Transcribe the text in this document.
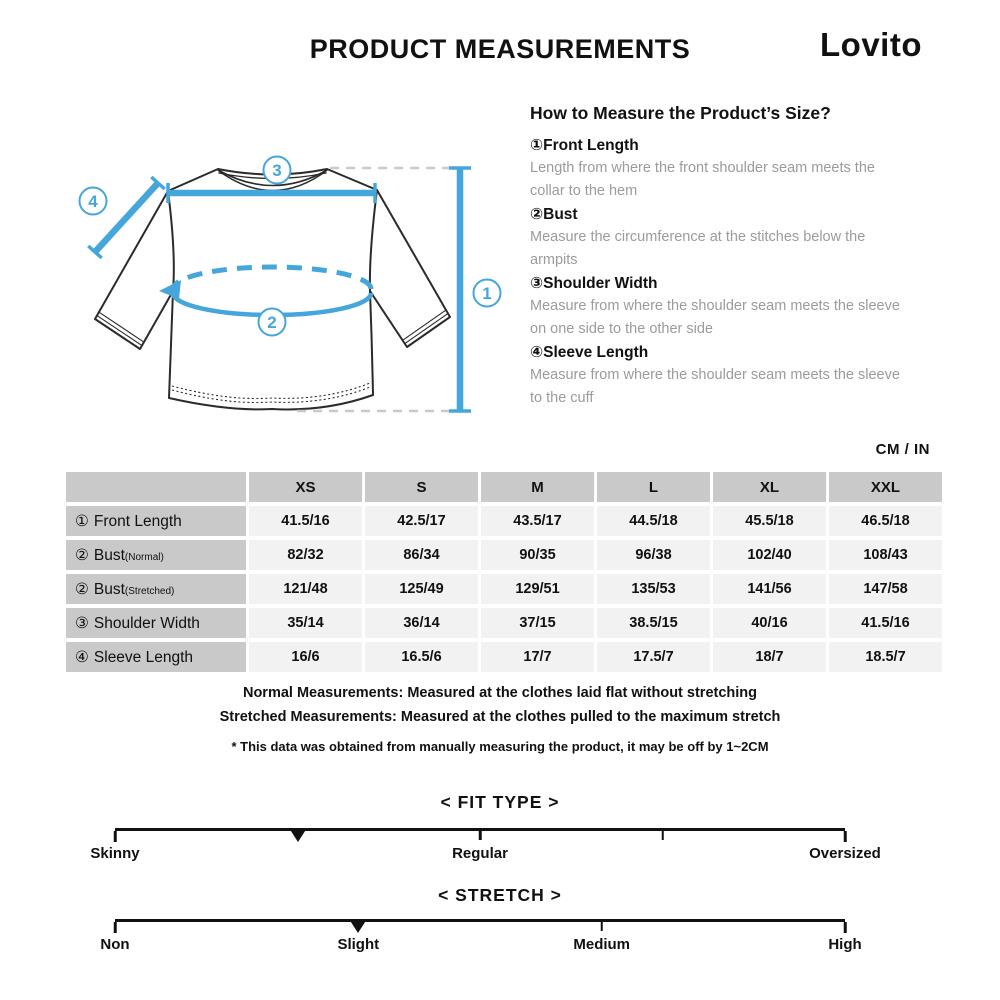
PRODUCT MEASUREMENTS	Lovito
1
2
3
4
How to Measure the Product’s Size?
①Front Length
Length from where the front shoulder seam meets the collar to the hem
②Bust
Measure the circumference at the stitches below the armpits
③Shoulder Width
Measure from where the shoulder seam meets the sleeve on one side to the other side
④Sleeve Length
Measure from where the shoulder seam meets the sleeve to the cuff
CM / IN
	XS	S	M	L	XL	XXL
① Front Length	41.5/16	42.5/17	43.5/17	44.5/18	45.5/18	46.5/18
② Bust(Normal)	82/32	86/34	90/35	96/38	102/40	108/43
② Bust(Stretched)	121/48	125/49	129/51	135/53	141/56	147/58
③ Shoulder Width	35/14	36/14	37/15	38.5/15	40/16	41.5/16
④ Sleeve Length	16/6	16.5/6	17/7	17.5/7	18/7	18.5/7
Normal Measurements: Measured at the clothes laid flat without stretching
Stretched Measurements: Measured at the clothes pulled to the maximum stretch
* This data was obtained from manually measuring the product, it may be off by 1~2CM
< FIT TYPE >
Skinny	Regular	Oversized
< STRETCH >
Non	Slight	Medium	High
